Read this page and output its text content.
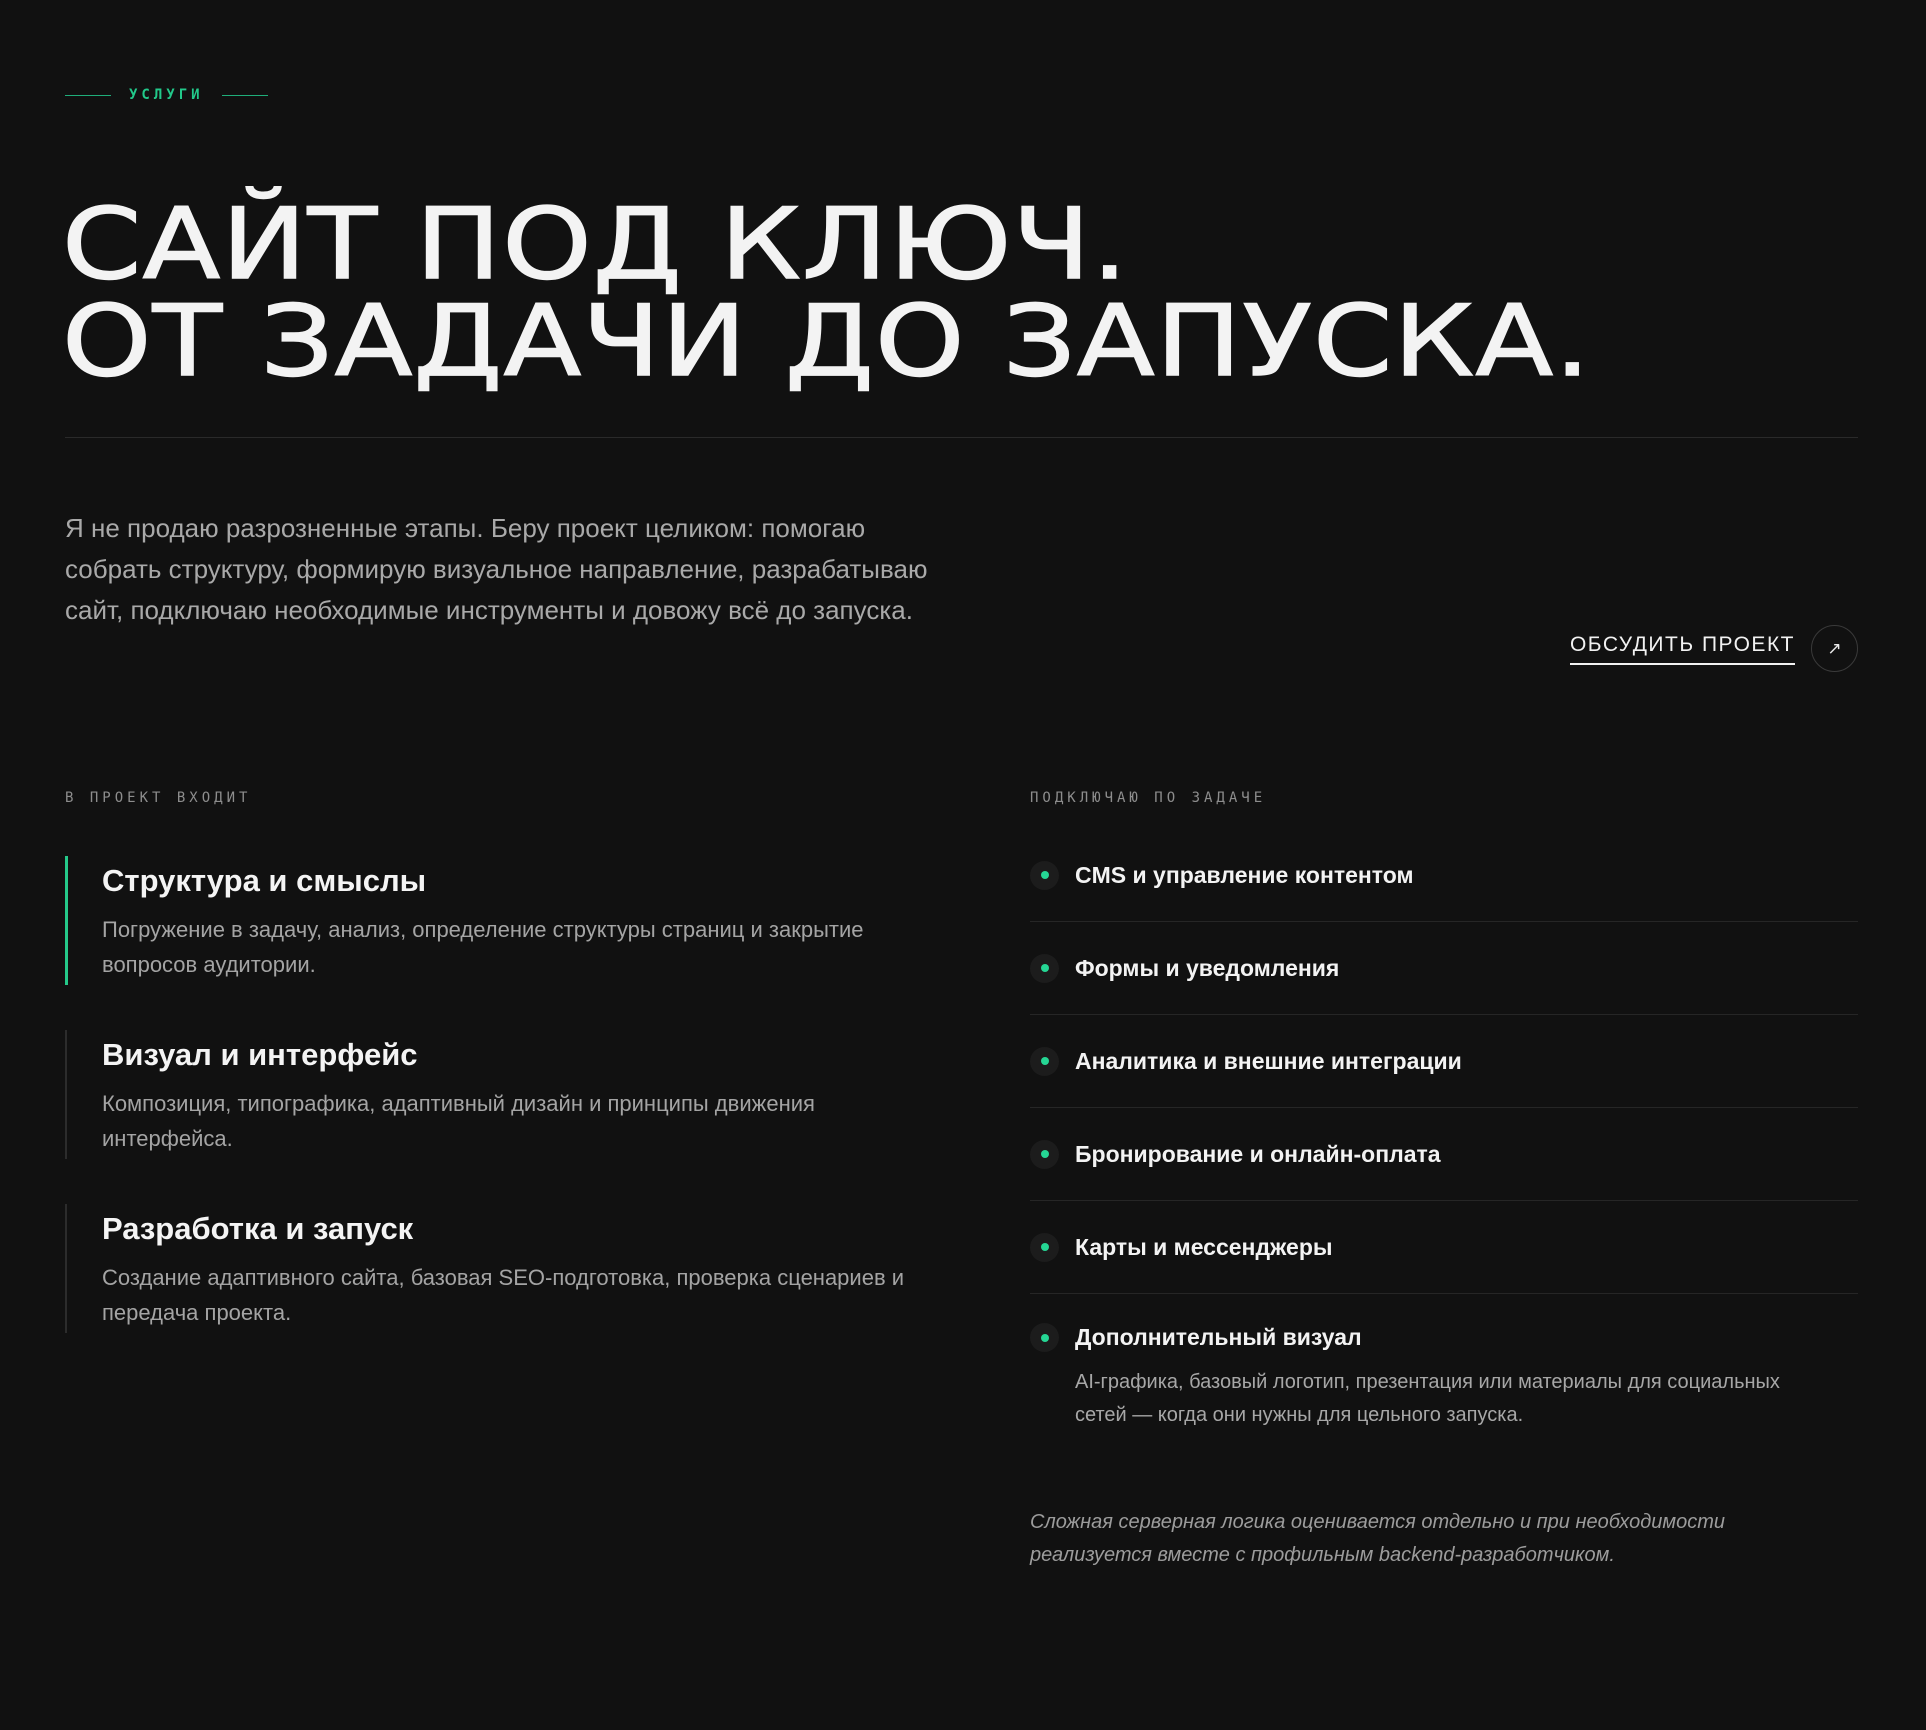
УСЛУГИ
САЙТ ПОД КЛЮЧ.
ОТ ЗАДАЧИ ДО ЗАПУСКА.

Я не продаю разрозненные этапы. Беру проект целиком: помогаю собрать структуру, формирую визуальное направление, разрабатываю сайт, подключаю необходимые инструменты и довожу всё до запуска.

ОБСУДИТЬ ПРОЕКТ	↗
В ПРОЕКТ ВХОДИТ	ПОДКЛЮЧАЮ ПО ЗАДАЧЕ
Структура и смыслы

Погружение в задачу, анализ, определение структуры страниц и закрытие вопросов аудитории.

Визуал и интерфейс

Композиция, типографика, адаптивный дизайн и принципы движения интерфейса.

Разработка и запуск

Создание адаптивного сайта, базовая SEO-подготовка, проверка сценариев и передача проекта.

CMS и управление контентом
Формы и уведомления
Аналитика и внешние интеграции
Бронирование и онлайн-оплата
Карты и мессенджеры
Дополнительный визуал

AI-графика, базовый логотип, презентация или материалы для социальных сетей — когда они нужны для цельного запуска.

Сложная серверная логика оценивается отдельно и при необходимости реализуется вместе с профильным backend-разработчиком.
